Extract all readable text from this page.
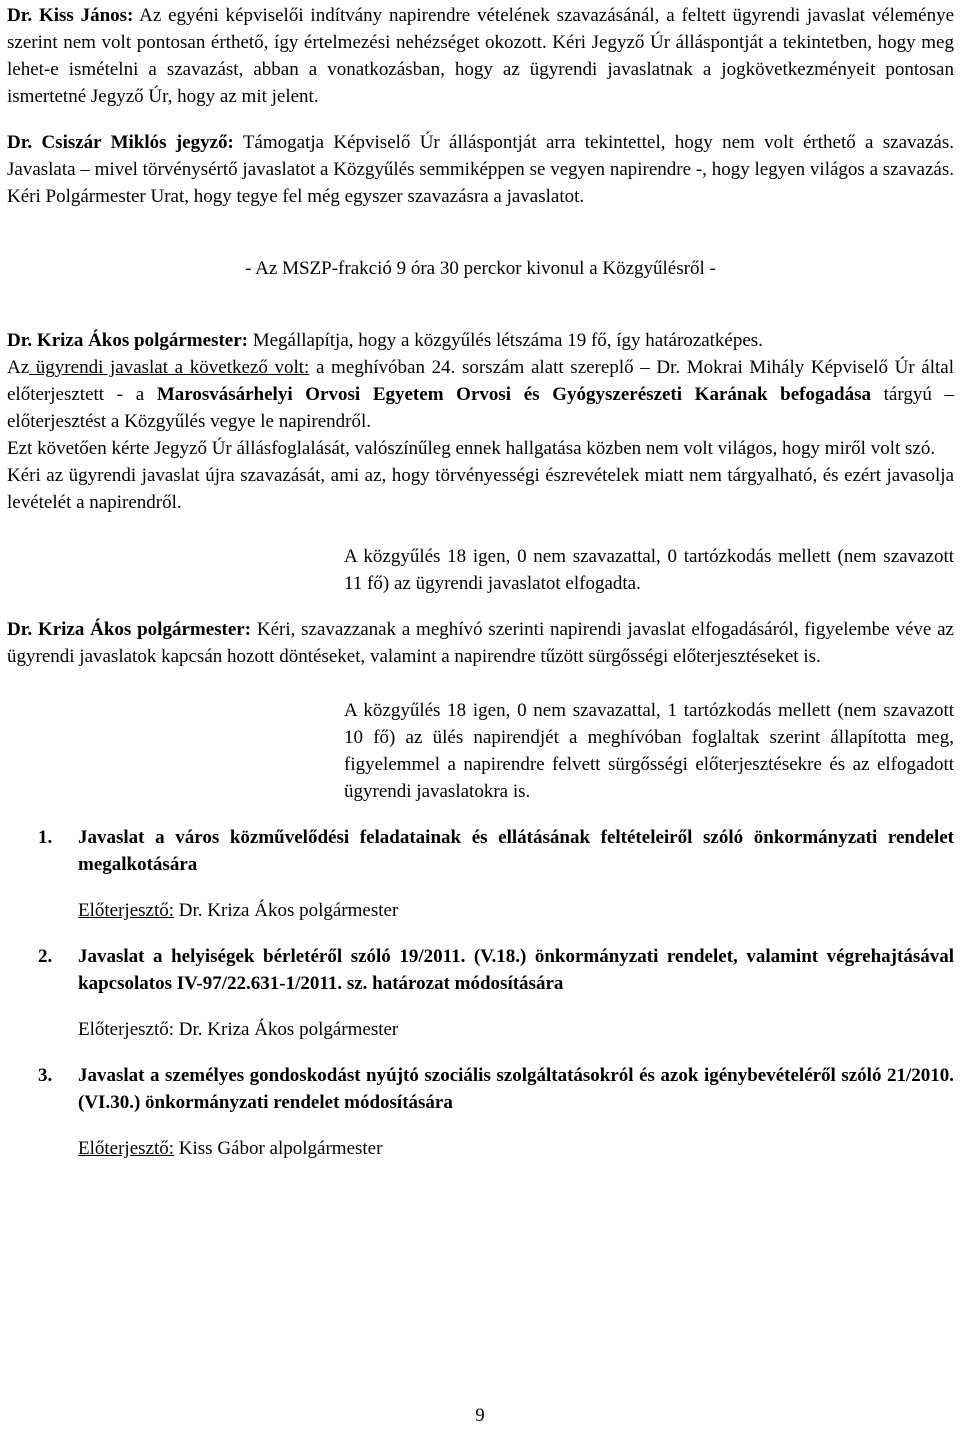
Dr. Kiss János: Az egyéni képviselői indítvány napirendre vételének szavazásánál, a feltett ügyrendi javaslat véleménye szerint nem volt pontosan érthető, így értelmezési nehézséget okozott. Kéri Jegyző Úr álláspontját a tekintetben, hogy meg lehet-e ismételni a szavazást, abban a vonatkozásban, hogy az ügyrendi javaslatnak a jogkövetkezményeit pontosan ismertetné Jegyző Úr, hogy az mit jelent.

Dr. Csiszár Miklós jegyző: Támogatja Képviselő Úr álláspontját arra tekintettel, hogy nem volt érthető a szavazás. Javaslata – mivel törvénysértő javaslatot a Közgyűlés semmiképpen se vegyen napirendre -, hogy legyen világos a szavazás. Kéri Polgármester Urat, hogy tegye fel még egyszer szavazásra a javaslatot.

- Az MSZP-frakció 9 óra 30 perckor kivonul a Közgyűlésről -

Dr. Kriza Ákos polgármester: Megállapítja, hogy a közgyűlés létszáma 19 fő, így határozatképes.
Az ügyrendi javaslat a következő volt: a meghívóban 24. sorszám alatt szereplő – Dr. Mokrai Mihály Képviselő Úr által előterjesztett - a Marosvásárhelyi Orvosi Egyetem Orvosi és Gyógyszerészeti Karának befogadása tárgyú – előterjesztést a Közgyűlés vegye le napirendről.
Ezt követően kérte Jegyző Úr állásfoglalását, valószínűleg ennek hallgatása közben nem volt világos, hogy miről volt szó.
Kéri az ügyrendi javaslat újra szavazását, ami az, hogy törvényességi észrevételek miatt nem tárgyalható, és ezért javasolja levételét a napirendről.

A közgyűlés 18 igen, 0 nem szavazattal, 0 tartózkodás mellett (nem szavazott 11 fő) az ügyrendi javaslatot elfogadta.

Dr. Kriza Ákos polgármester: Kéri, szavazzanak a meghívó szerinti napirendi javaslat elfogadásáról, figyelembe véve az ügyrendi javaslatok kapcsán hozott döntéseket, valamint a napirendre tűzött sürgősségi előterjesztéseket is.

A közgyűlés 18 igen, 0 nem szavazattal, 1 tartózkodás mellett (nem szavazott 10 fő) az ülés napirendjét a meghívóban foglaltak szerint állapította meg, figyelemmel a napirendre felvett sürgősségi előterjesztésekre és az elfogadott ügyrendi javaslatokra is.

1.	Javaslat a város közművelődési feladatainak és ellátásának feltételeiről szóló önkormányzati rendelet megalkotására

Előterjesztő: Dr. Kriza Ákos polgármester

2.	Javaslat a helyiségek bérletéről szóló 19/2011. (V.18.) önkormányzati rendelet, valamint végrehajtásával kapcsolatos IV-97/22.631-1/2011. sz. határozat módosítására

Előterjesztő: Dr. Kriza Ákos polgármester

3.	Javaslat a személyes gondoskodást nyújtó szociális szolgáltatásokról és azok igénybevételéről szóló 21/2010.(VI.30.) önkormányzati rendelet módosítására

Előterjesztő: Kiss Gábor alpolgármester

9
